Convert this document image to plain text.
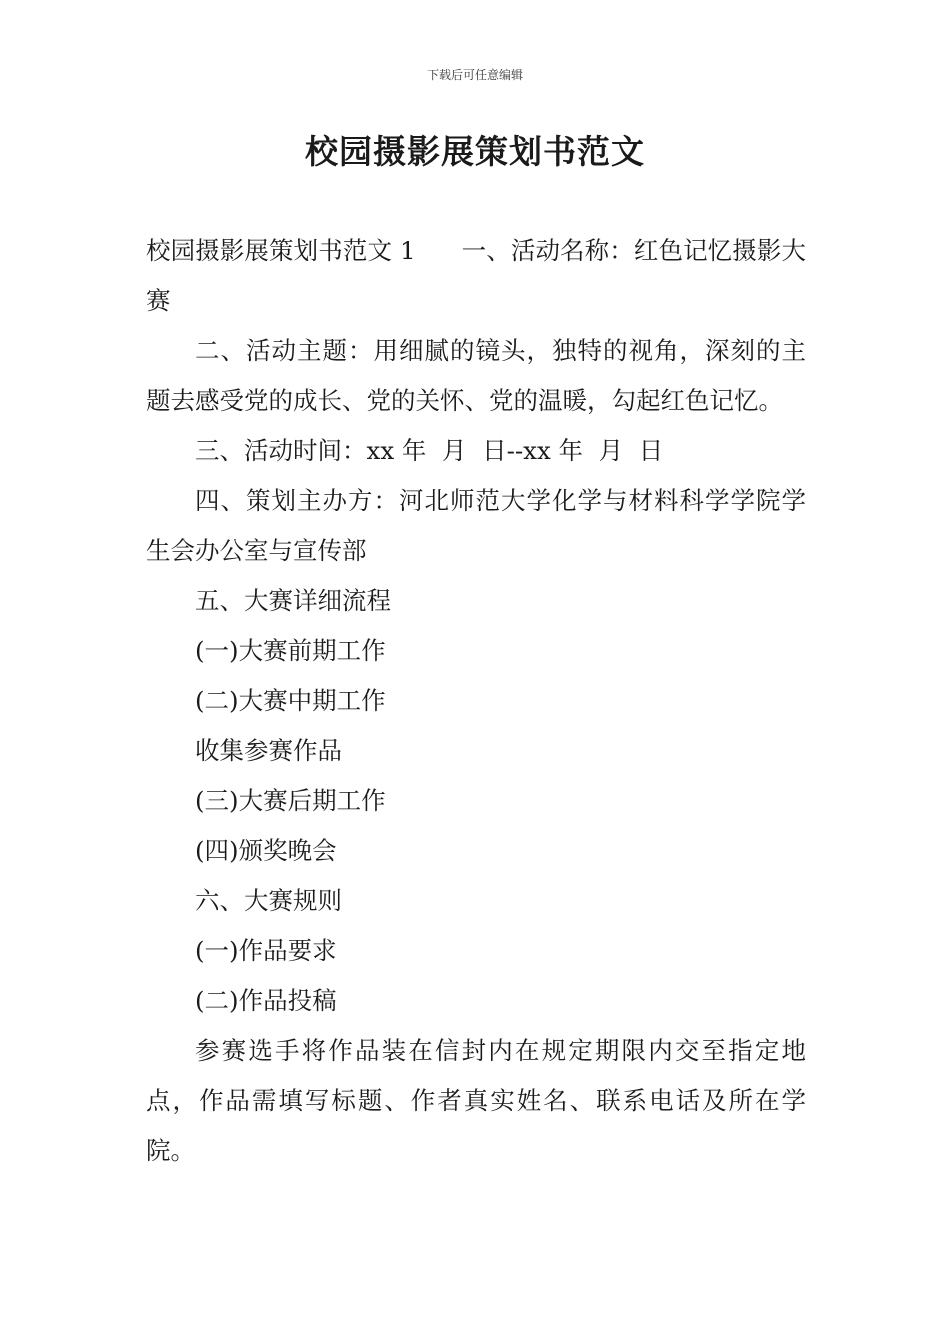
下载后可任意编辑
校园摄影展策划书范文

校园摄影展策划书范文 1 一、活动名称：红色记忆摄影大赛

二、活动主题：用细腻的镜头，独特的视角，深刻的主题去感受党的成长、党的关怀、党的温暖，勾起红色记忆。

三、活动时间：xx 年  月  日--xx 年  月  日

四、策划主办方：河北师范大学化学与材料科学学院学生会办公室与宣传部

五、大赛详细流程

(一)大赛前期工作

(二)大赛中期工作

收集参赛作品

(三)大赛后期工作

(四)颁奖晚会

六、大赛规则

(一)作品要求

(二)作品投稿

参赛选手将作品装在信封内在规定期限内交至指定地点，作品需填写标题、作者真实姓名、联系电话及所在学院。
